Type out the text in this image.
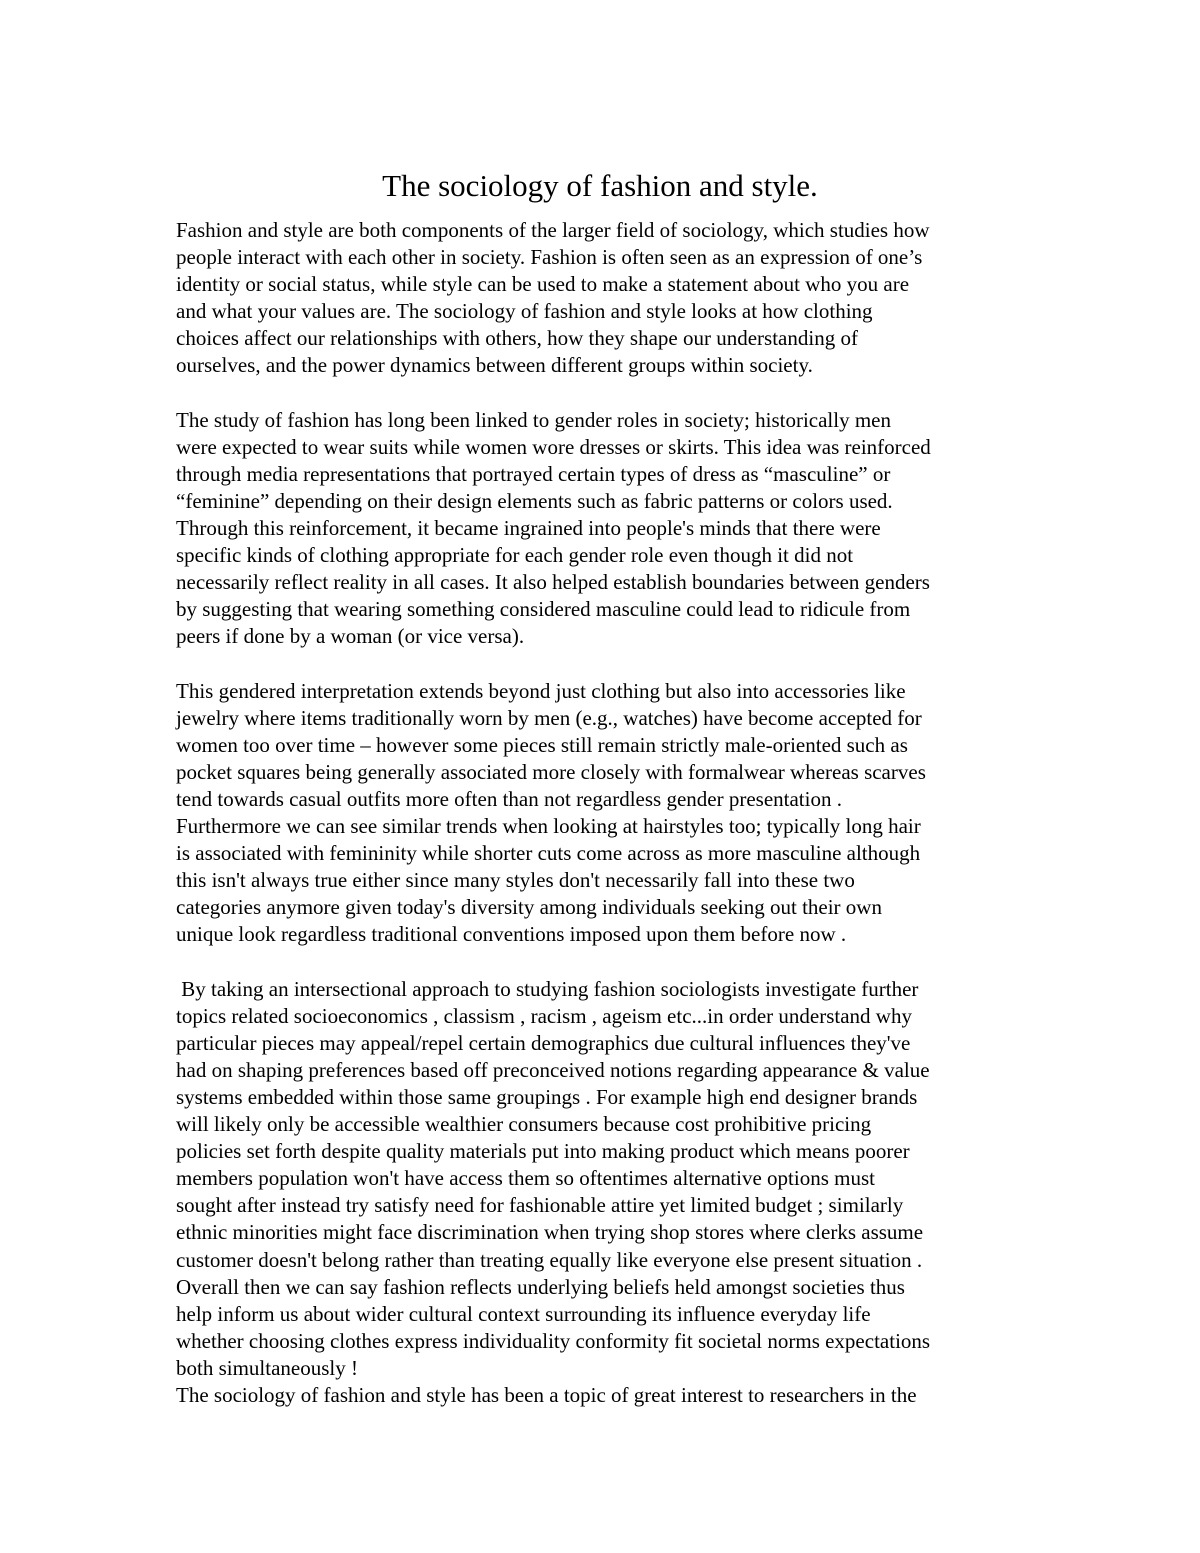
The sociology of fashion and style.
Fashion and style are both components of the larger field of sociology, which studies how
people interact with each other in society. Fashion is often seen as an expression of one’s
identity or social status, while style can be used to make a statement about who you are
and what your values are. The sociology of fashion and style looks at how clothing
choices affect our relationships with others, how they shape our understanding of
ourselves, and the power dynamics between different groups within society.
The study of fashion has long been linked to gender roles in society; historically men
were expected to wear suits while women wore dresses or skirts. This idea was reinforced
through media representations that portrayed certain types of dress as “masculine” or
“feminine” depending on their design elements such as fabric patterns or colors used.
Through this reinforcement, it became ingrained into people's minds that there were
specific kinds of clothing appropriate for each gender role even though it did not
necessarily reflect reality in all cases. It also helped establish boundaries between genders
by suggesting that wearing something considered masculine could lead to ridicule from
peers if done by a woman (or vice versa).
This gendered interpretation extends beyond just clothing but also into accessories like
jewelry where items traditionally worn by men (e.g., watches) have become accepted for
women too over time – however some pieces still remain strictly male-oriented such as
pocket squares being generally associated more closely with formalwear whereas scarves
tend towards casual outfits more often than not regardless gender presentation .
Furthermore we can see similar trends when looking at hairstyles too; typically long hair
is associated with femininity while shorter cuts come across as more masculine although
this isn't always true either since many styles don't necessarily fall into these two
categories anymore given today's diversity among individuals seeking out their own
unique look regardless traditional conventions imposed upon them before now .
By taking an intersectional approach to studying fashion sociologists investigate further
topics related socioeconomics , classism , racism , ageism etc...in order understand why
particular pieces may appeal/repel certain demographics due cultural influences they've
had on shaping preferences based off preconceived notions regarding appearance & value
systems embedded within those same groupings . For example high end designer brands
will likely only be accessible wealthier consumers because cost prohibitive pricing
policies set forth despite quality materials put into making product which means poorer
members population won't have access them so oftentimes alternative options must
sought after instead try satisfy need for fashionable attire yet limited budget ; similarly
ethnic minorities might face discrimination when trying shop stores where clerks assume
customer doesn't belong rather than treating equally like everyone else present situation .
Overall then we can say fashion reflects underlying beliefs held amongst societies thus
help inform us about wider cultural context surrounding its influence everyday life
whether choosing clothes express individuality conformity fit societal norms expectations
both simultaneously !
The sociology of fashion and style has been a topic of great interest to researchers in the
